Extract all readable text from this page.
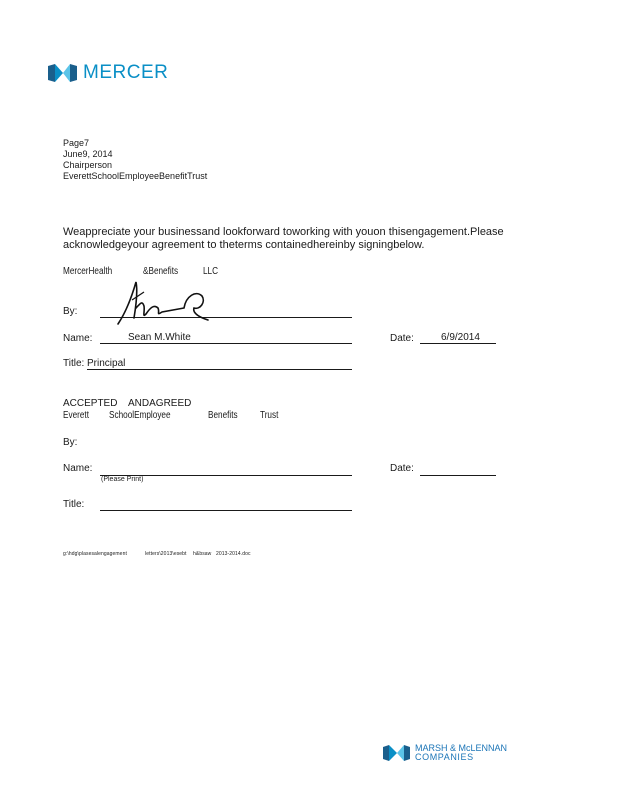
MERCER
Page7
June9, 2014
Chairperson
EverettSchoolEmployeeBenefitTrust
Weappreciate your businessand lookforward toworking with youon thisengagement.Please
acknowledgeyour agreement to theterms containedhereinby signingbelow.
MercerHealth	&Benefits LLC
By:
Name:	Sean M.White	Date:	6/9/2014
Title: Principal
ACCEPTED    ANDAGREED
Everett SchoolEmployee	Benefits Trust
By:
Name:
(Please Print)
Date:
Title:
g:\hdg\plasesalengagement	letters\2013\esebt h&bsaw 2013-2014.doc
MARSH & McLENNAN
COMPANIES
